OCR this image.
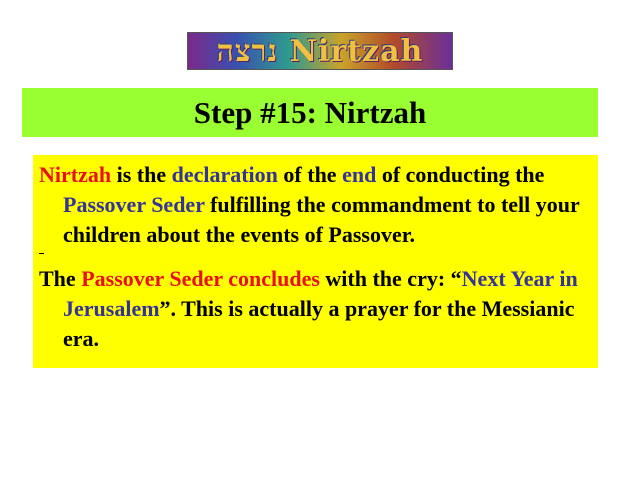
נרצה Nirtzah
Step #15: Nirtzah

Nirtzah is the declaration of the end of conducting the Passover Seder fulfilling the commandment to tell your children about the events of Passover.

The Passover Seder concludes with the cry: “Next Year in Jerusalem”. This is actually a prayer for the Messianic era.
